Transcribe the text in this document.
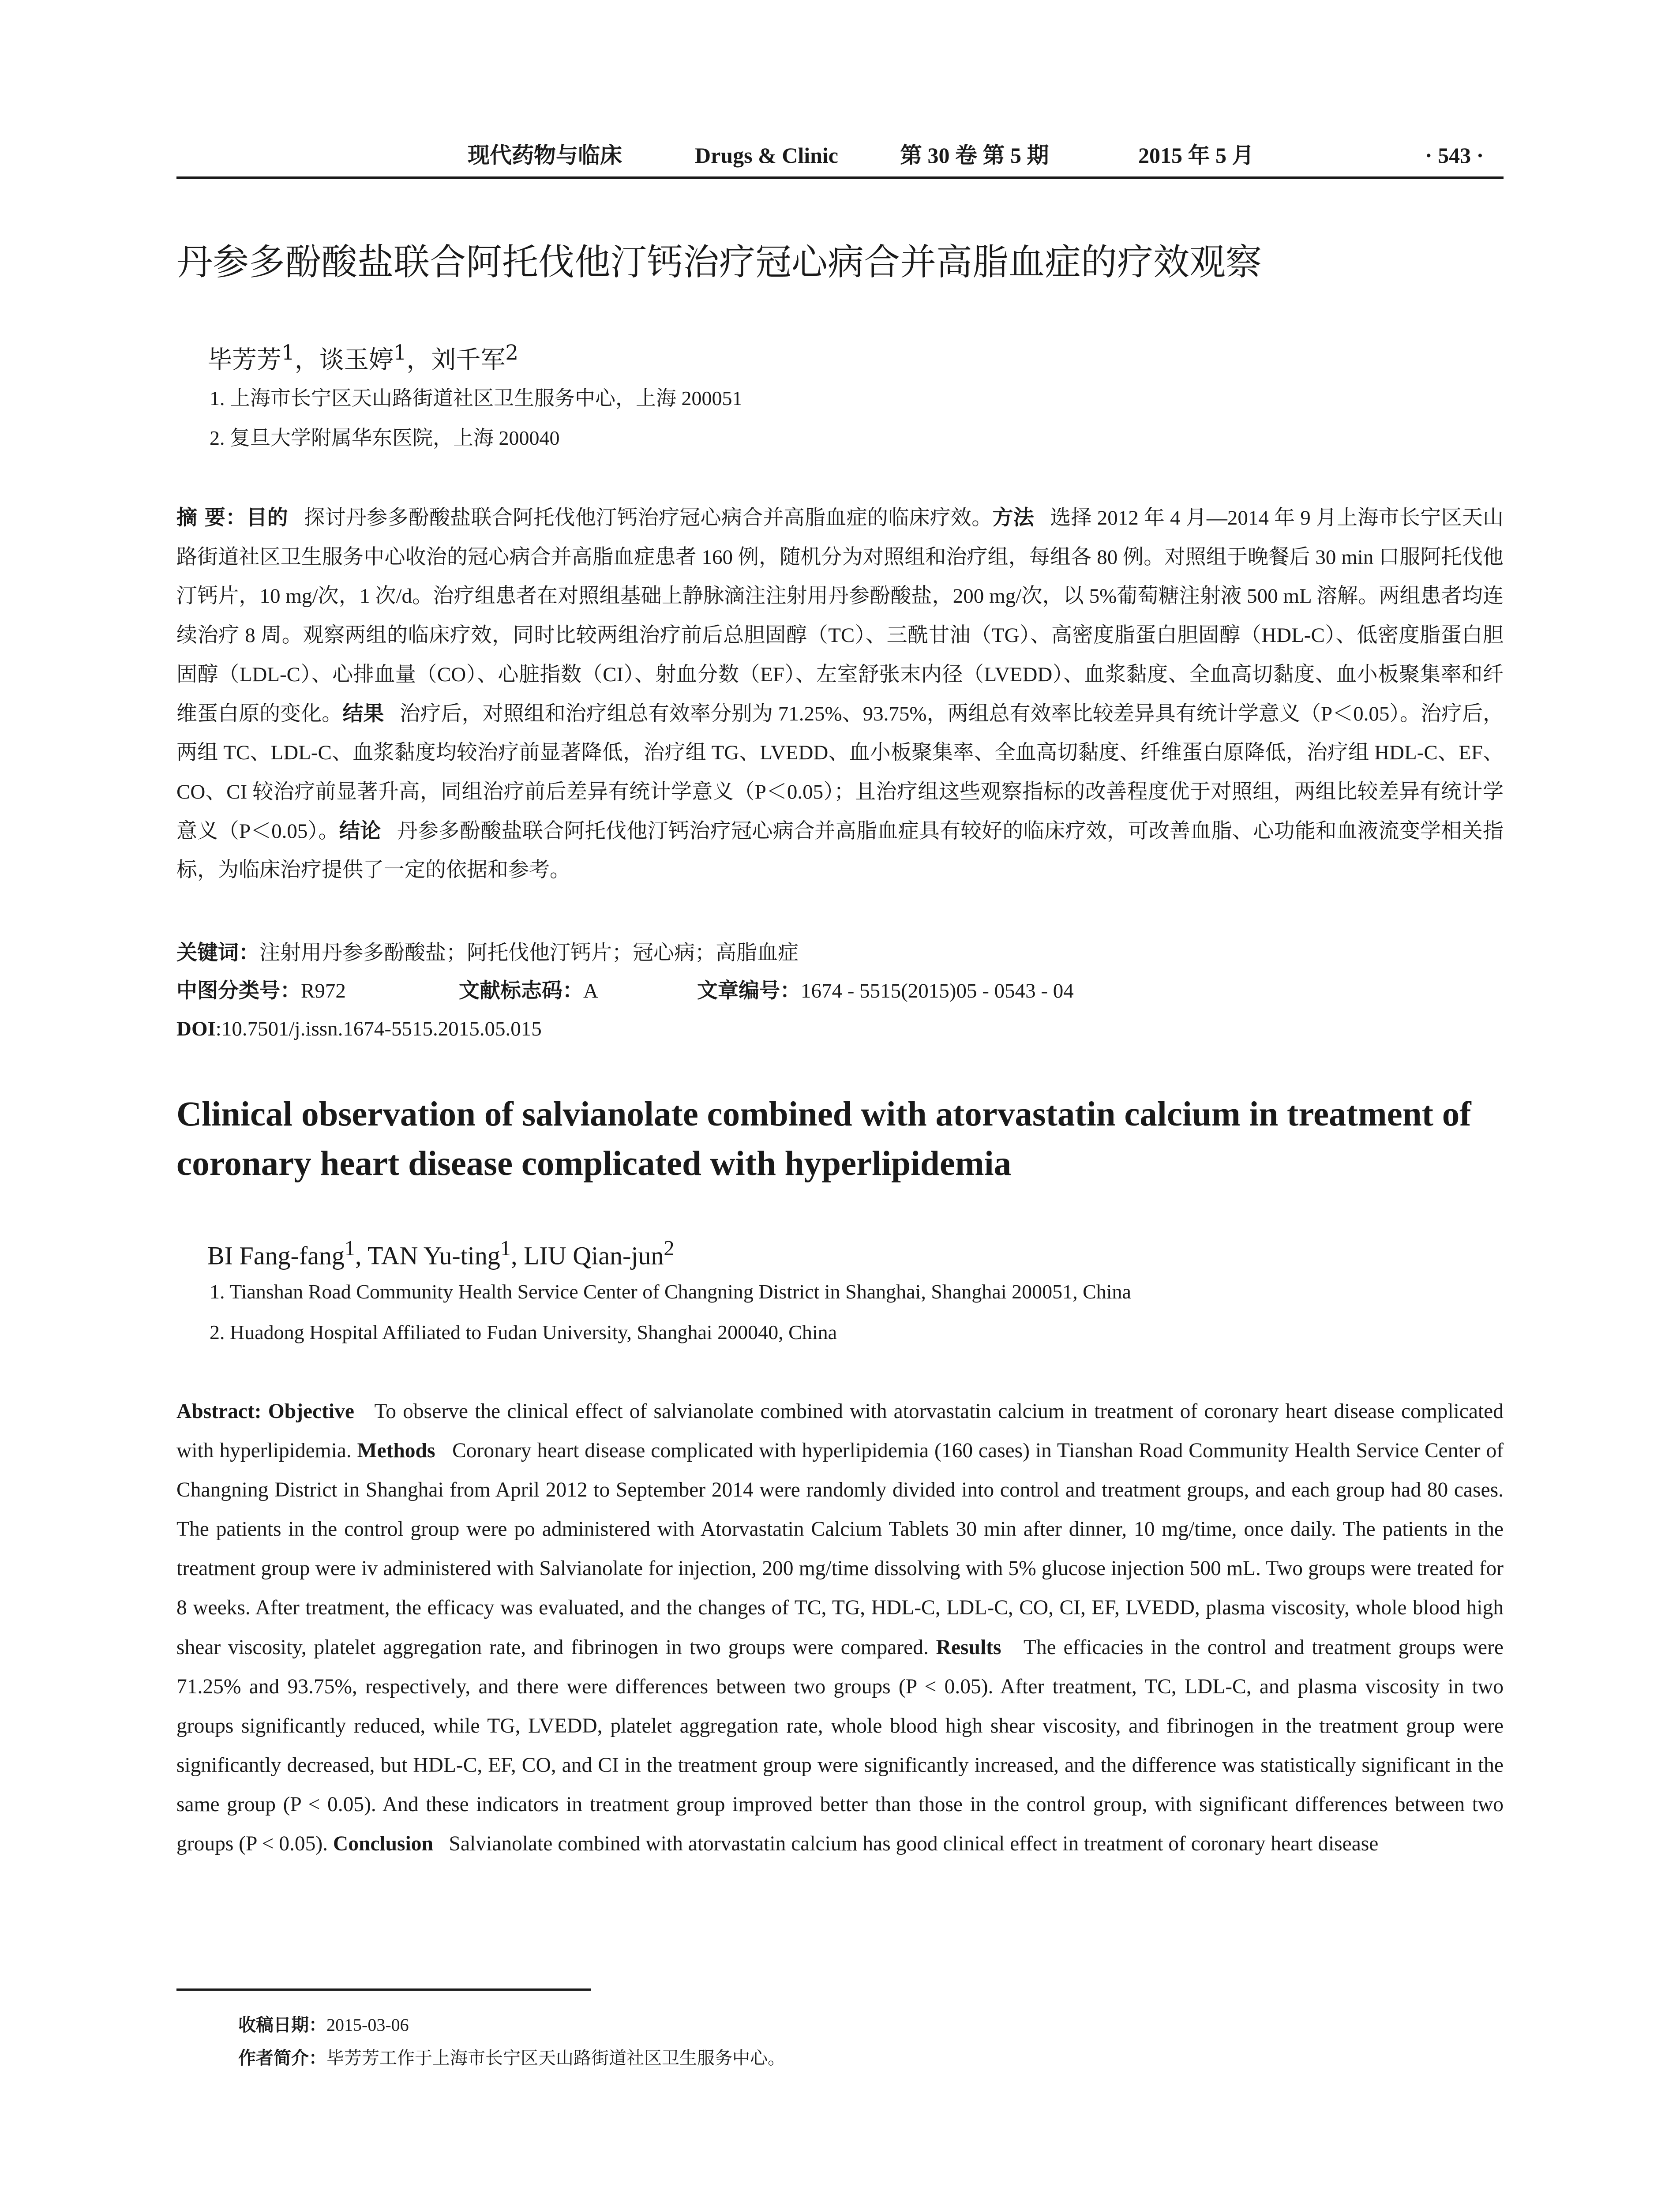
现代药物与临床	Drugs & Clinic	第 30 卷 第 5 期	2015 年 5 月	· 543 ·
丹参多酚酸盐联合阿托伐他汀钙治疗冠心病合并高脂血症的疗效观察
毕芳芳$^1$，谈玉婷$^1$，刘千军$^2$
1. 上海市长宁区天山路街道社区卫生服务中心，上海 200051
2. 复旦大学附属华东医院，上海 200040
摘 要：目的 探讨丹参多酚酸盐联合阿托伐他汀钙治疗冠心病合并高脂血症的临床疗效。方法 选择 2012 年 4 月—2014 年 9 月上海市长宁区天山路街道社区卫生服务中心收治的冠心病合并高脂血症患者 160 例，随机分为对照组和治疗组，每组各 80 例。对照组于晚餐后 30 min 口服阿托伐他汀钙片，10 mg/次，1 次/d。治疗组患者在对照组基础上静脉滴注注射用丹参酚酸盐，200 mg/次，以 5%葡萄糖注射液 500 mL 溶解。两组患者均连续治疗 8 周。观察两组的临床疗效，同时比较两组治疗前后总胆固醇（TC）、三酰甘油（TG）、高密度脂蛋白胆固醇（HDL-C）、低密度脂蛋白胆固醇（LDL-C）、心排血量（CO）、心脏指数（CI）、射血分数（EF）、左室舒张末内径（LVEDD）、血浆黏度、全血高切黏度、血小板聚集率和纤维蛋白原的变化。结果 治疗后，对照组和治疗组总有效率分别为 71.25%、93.75%，两组总有效率比较差异具有统计学意义（P＜0.05）。治疗后，两组 TC、LDL-C、血浆黏度均较治疗前显著降低，治疗组 TG、LVEDD、血小板聚集率、全血高切黏度、纤维蛋白原降低，治疗组 HDL-C、EF、CO、CI 较治疗前显著升高，同组治疗前后差异有统计学意义（P＜0.05）；且治疗组这些观察指标的改善程度优于对照组，两组比较差异有统计学意义（P＜0.05）。结论 丹参多酚酸盐联合阿托伐他汀钙治疗冠心病合并高脂血症具有较好的临床疗效，可改善血脂、心功能和血液流变学相关指标，为临床治疗提供了一定的依据和参考。
关键词：注射用丹参多酚酸盐；阿托伐他汀钙片；冠心病；高脂血症
中图分类号：R972	文献标志码：A	文章编号：1674 - 5515(2015)05 - 0543 - 04
DOI:10.7501/j.issn.1674-5515.2015.05.015
Clinical observation of salvianolate combined with atorvastatin calcium in treatment of coronary heart disease complicated with hyperlipidemia
BI Fang-fang$^1$, TAN Yu-ting$^1$, LIU Qian-jun$^2$
1. Tianshan Road Community Health Service Center of Changning District in Shanghai, Shanghai 200051, China
2. Huadong Hospital Affiliated to Fudan University, Shanghai 200040, China
Abstract: Objective To observe the clinical effect of salvianolate combined with atorvastatin calcium in treatment of coronary heart disease complicated with hyperlipidemia. Methods Coronary heart disease complicated with hyperlipidemia (160 cases) in Tianshan Road Community Health Service Center of Changning District in Shanghai from April 2012 to September 2014 were randomly divided into control and treatment groups, and each group had 80 cases. The patients in the control group were po administered with Atorvastatin Calcium Tablets 30 min after dinner, 10 mg/time, once daily. The patients in the treatment group were iv administered with Salvianolate for injection, 200 mg/time dissolving with 5% glucose injection 500 mL. Two groups were treated for 8 weeks. After treatment, the efficacy was evaluated, and the changes of TC, TG, HDL-C, LDL-C, CO, CI, EF, LVEDD, plasma viscosity, whole blood high shear viscosity, platelet aggregation rate, and fibrinogen in two groups were compared. Results The efficacies in the control and treatment groups were 71.25% and 93.75%, respectively, and there were differences between two groups (P < 0.05). After treatment, TC, LDL-C, and plasma viscosity in two groups significantly reduced, while TG, LVEDD, platelet aggregation rate, whole blood high shear viscosity, and fibrinogen in the treatment group were significantly decreased, but HDL-C, EF, CO, and CI in the treatment group were significantly increased, and the difference was statistically significant in the same group (P < 0.05). And these indicators in treatment group improved better than those in the control group, with significant differences between two groups (P < 0.05). Conclusion Salvianolate combined with atorvastatin calcium has good clinical effect in treatment of coronary heart disease
收稿日期：2015-03-06
作者简介：毕芳芳工作于上海市长宁区天山路街道社区卫生服务中心。
